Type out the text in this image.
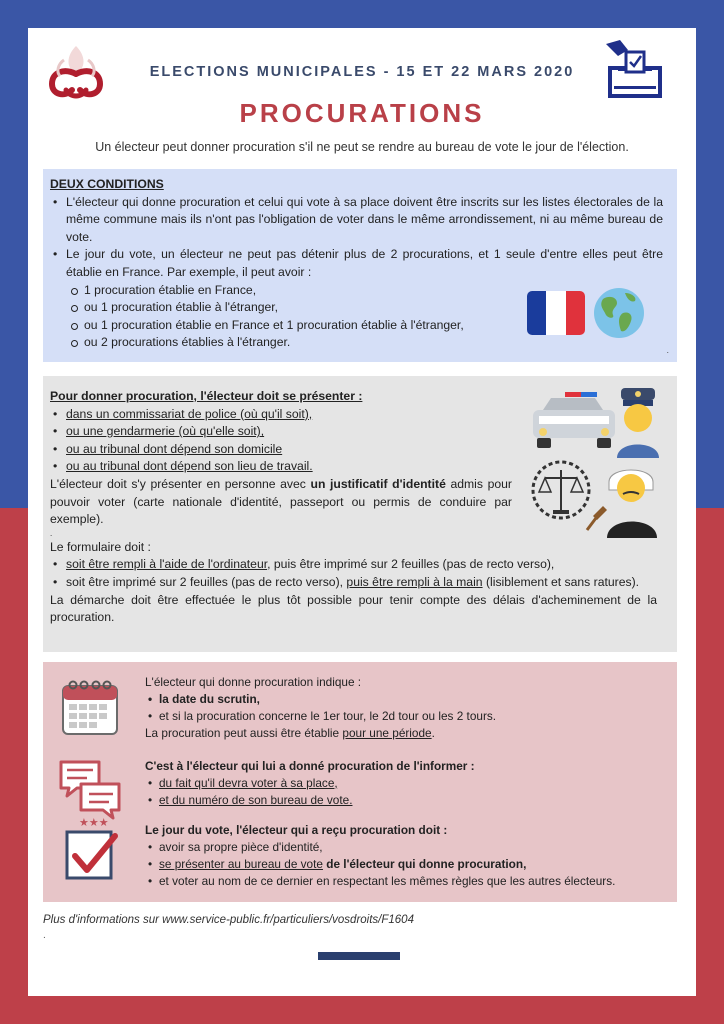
ELECTIONS MUNICIPALES - 15 ET 22 MARS 2020
PROCURATIONS
Un électeur peut donner procuration s'il ne peut se rendre au bureau de vote le jour de l'élection.
DEUX CONDITIONS
• L'électeur qui donne procuration et celui qui vote à sa place doivent être inscrits sur les listes électorales de la même commune mais ils n'ont pas l'obligation de voter dans le même arrondissement, ni au même bureau de vote.
• Le jour du vote, un électeur ne peut pas détenir plus de 2 procurations, et 1 seule d'entre elles peut être établie en France. Par exemple, il peut avoir :
1 procuration établie en France,
ou 1 procuration établie à l'étranger,
ou 1 procuration établie en France et 1 procuration établie à l'étranger,
ou 2 procurations établies à l'étranger.
.
Pour donner procuration, l'électeur doit se présenter :
• dans un commissariat de police (où qu'il soit),
• ou une gendarmerie (où qu'elle soit),
• ou au tribunal dont dépend son domicile
• ou au tribunal dont dépend son lieu de travail.

L'électeur doit s'y présenter en personne avec un justificatif d'identité admis pour pouvoir voter (carte nationale d'identité, passeport ou permis de conduire par exemple).

.

Le formulaire doit :

• soit être rempli à l'aide de l'ordinateur, puis être imprimé sur 2 feuilles (pas de recto verso),
• soit être imprimé sur 2 feuilles (pas de recto verso), puis être rempli à la main (lisiblement et sans ratures).

La démarche doit être effectuée le plus tôt possible pour tenir compte des délais d'acheminement de la procuration.

L'électeur qui donne procuration indique :

• la date du scrutin,
• et si la procuration concerne le 1er tour, le 2d tour ou les 2 tours.

La procuration peut aussi être établie pour une période.

C'est à l'électeur qui lui a donné procuration de l'informer :

• du fait qu'il devra voter à sa place,
• et du numéro de son bureau de vote.
★★★

Le jour du vote, l'électeur qui a reçu procuration doit :

• avoir sa propre pièce d'identité,
• se présenter au bureau de vote de l'électeur qui donne procuration,
• et voter au nom de ce dernier en respectant les mêmes règles que les autres électeurs.
Plus d'informations sur www.service-public.fr/particuliers/vosdroits/F1604
.
